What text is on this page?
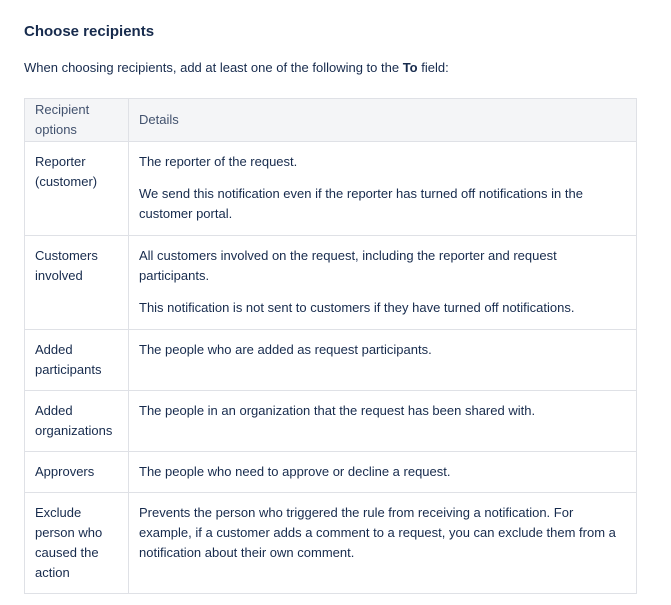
Choose recipients

When choosing recipients, add at least one of the following to the To field:

Recipient options	Details
Reporter (customer)	The reporter of the request.

We send this notification even if the reporter has turned off notifications in the customer portal.

Customers involved	All customers involved on the request, including the reporter and request participants.

This notification is not sent to customers if they have turned off notifications.

Added participants	The people who are added as request participants.

Added organizations	The people in an organization that the request has been shared with.

Approvers	The people who need to approve or decline a request.

Exclude person who caused the action	Prevents the person who triggered the rule from receiving a notification. For example, if a customer adds a comment to a request, you can exclude them from a notification about their own comment.
